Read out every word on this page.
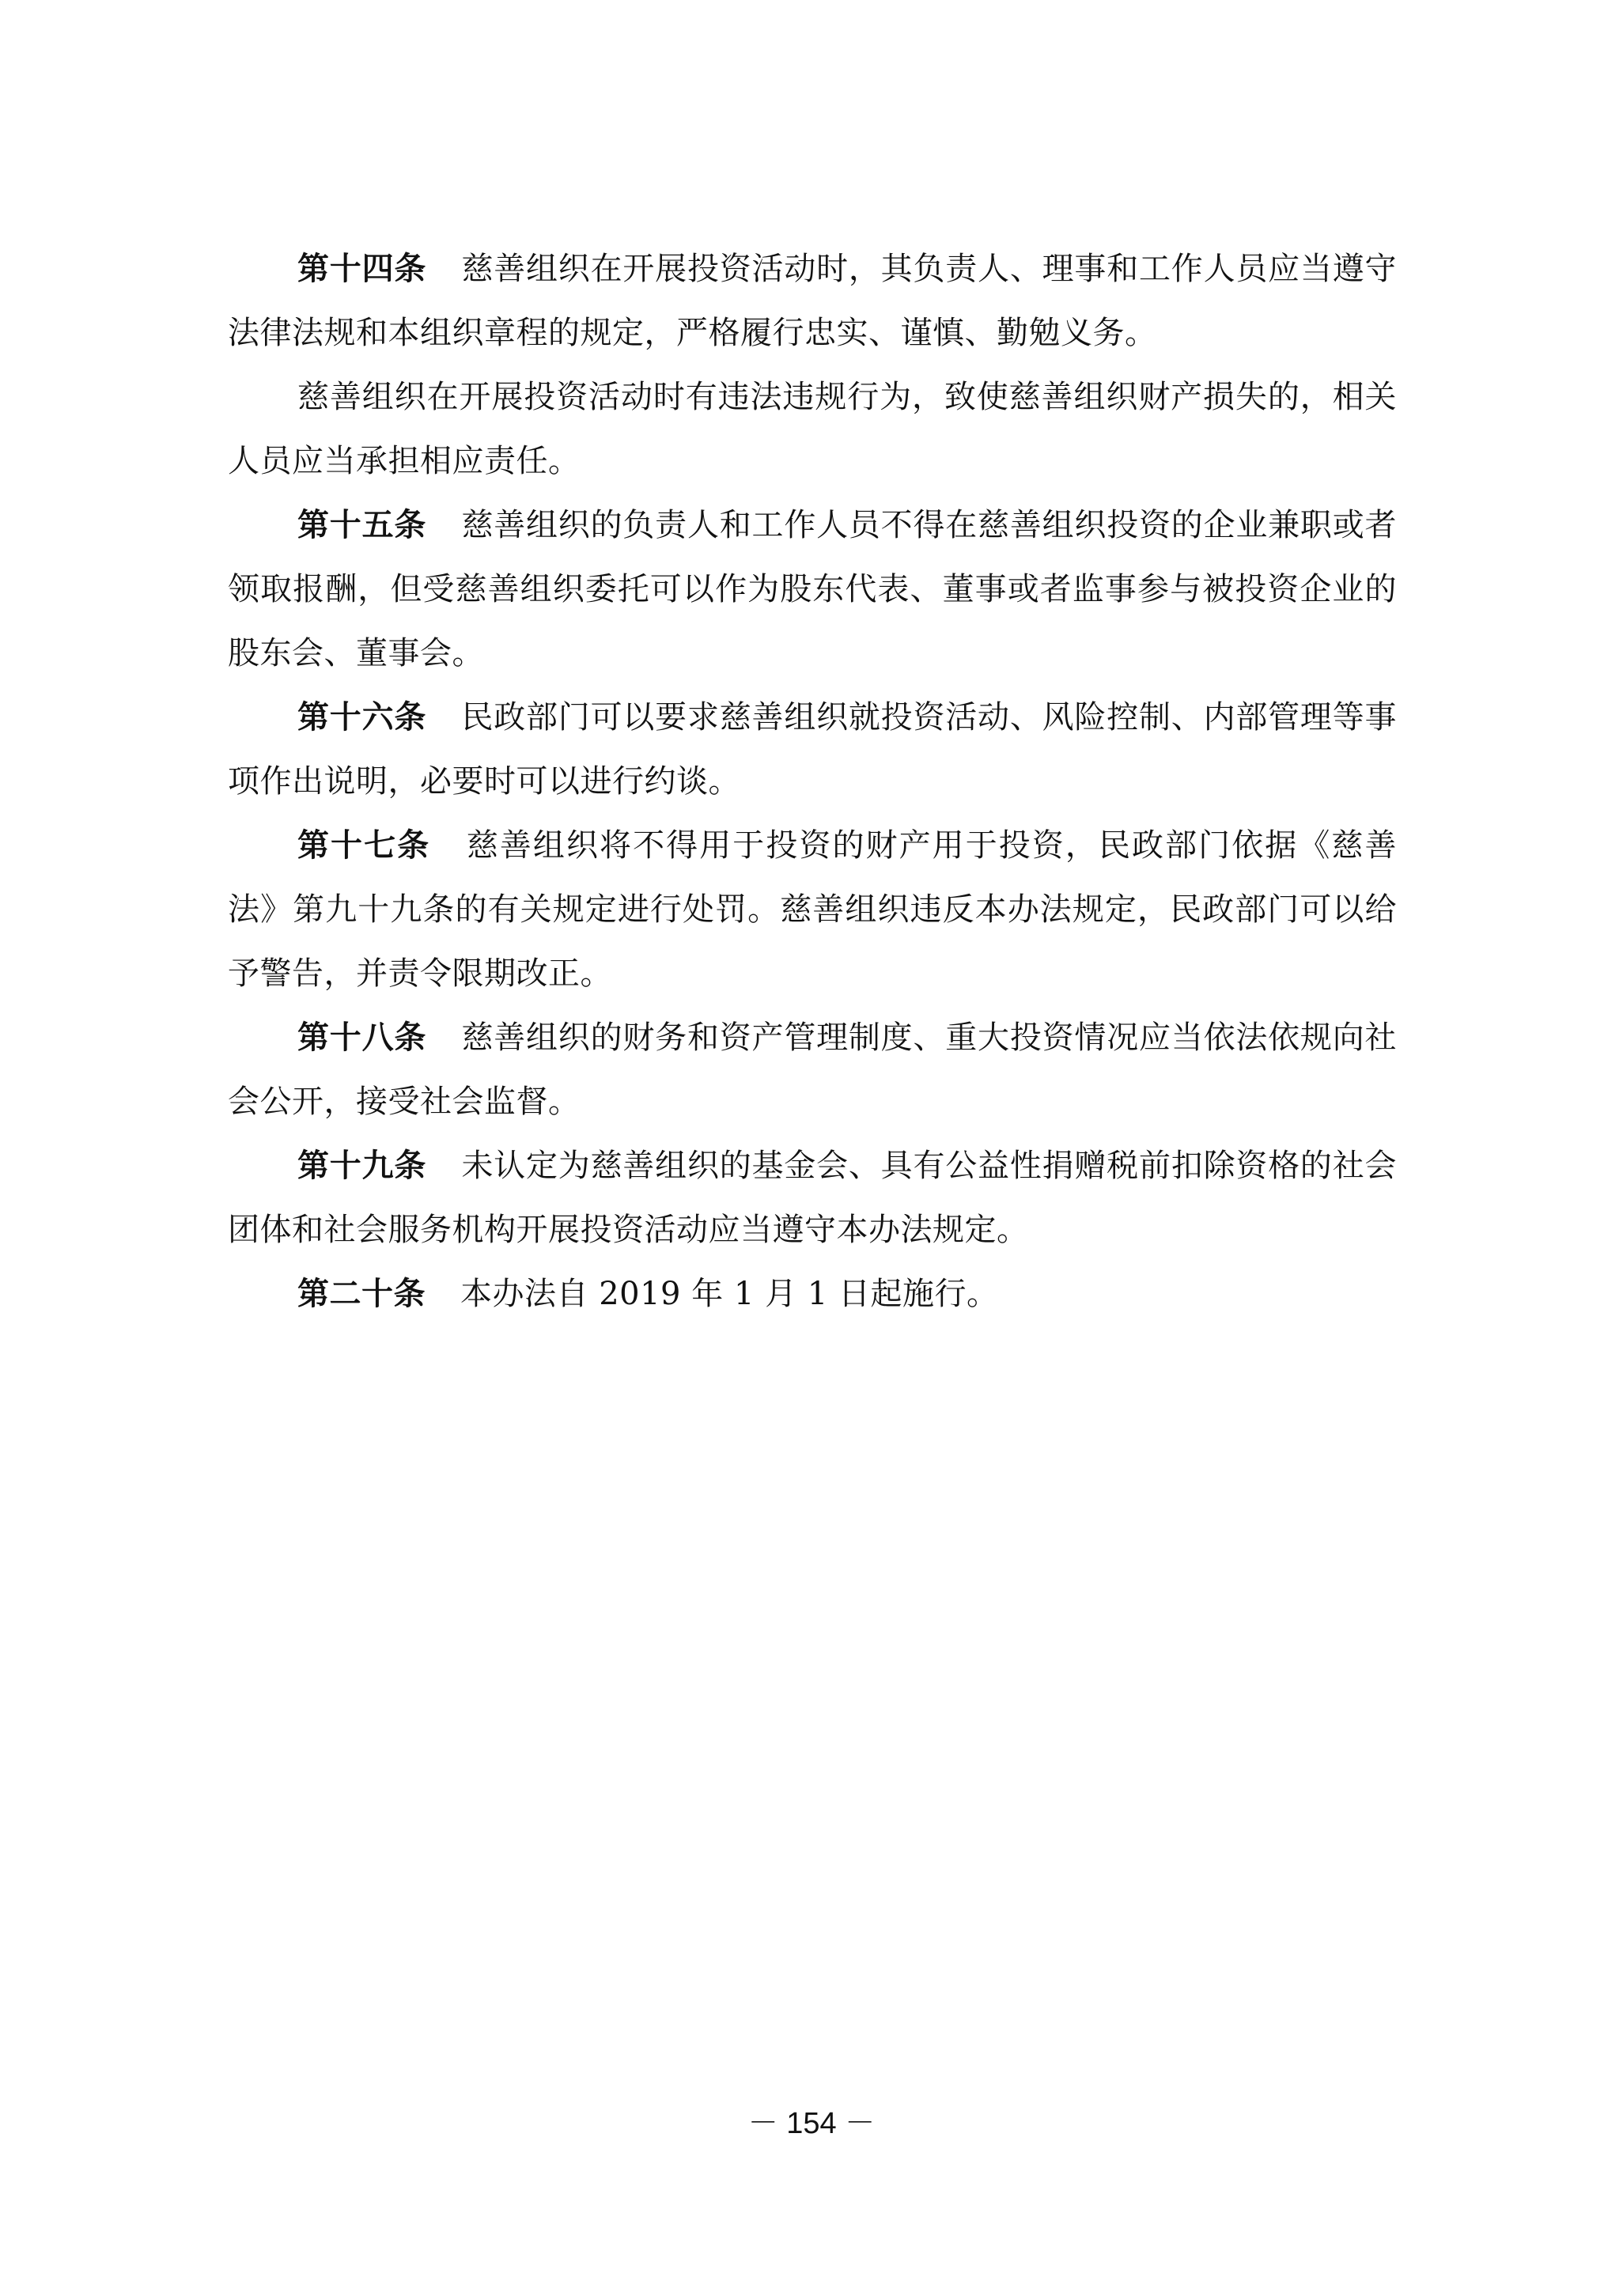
第十四条 慈善组织在开展投资活动时，其负责人、理事和工作人员应当遵守法律法规和本组织章程的规定，严格履行忠实、谨慎、勤勉义务。

慈善组织在开展投资活动时有违法违规行为，致使慈善组织财产损失的，相关人员应当承担相应责任。

第十五条 慈善组织的负责人和工作人员不得在慈善组织投资的企业兼职或者领取报酬，但受慈善组织委托可以作为股东代表、董事或者监事参与被投资企业的股东会、董事会。

第十六条 民政部门可以要求慈善组织就投资活动、风险控制、内部管理等事项作出说明，必要时可以进行约谈。

第十七条 慈善组织将不得用于投资的财产用于投资，民政部门依据《慈善法》第九十九条的有关规定进行处罚。慈善组织违反本办法规定，民政部门可以给予警告，并责令限期改正。

第十八条 慈善组织的财务和资产管理制度、重大投资情况应当依法依规向社会公开，接受社会监督。

第十九条 未认定为慈善组织的基金会、具有公益性捐赠税前扣除资格的社会团体和社会服务机构开展投资活动应当遵守本办法规定。

第二十条 本办法自 2019 年 1 月 1 日起施行。

－ 154 －
